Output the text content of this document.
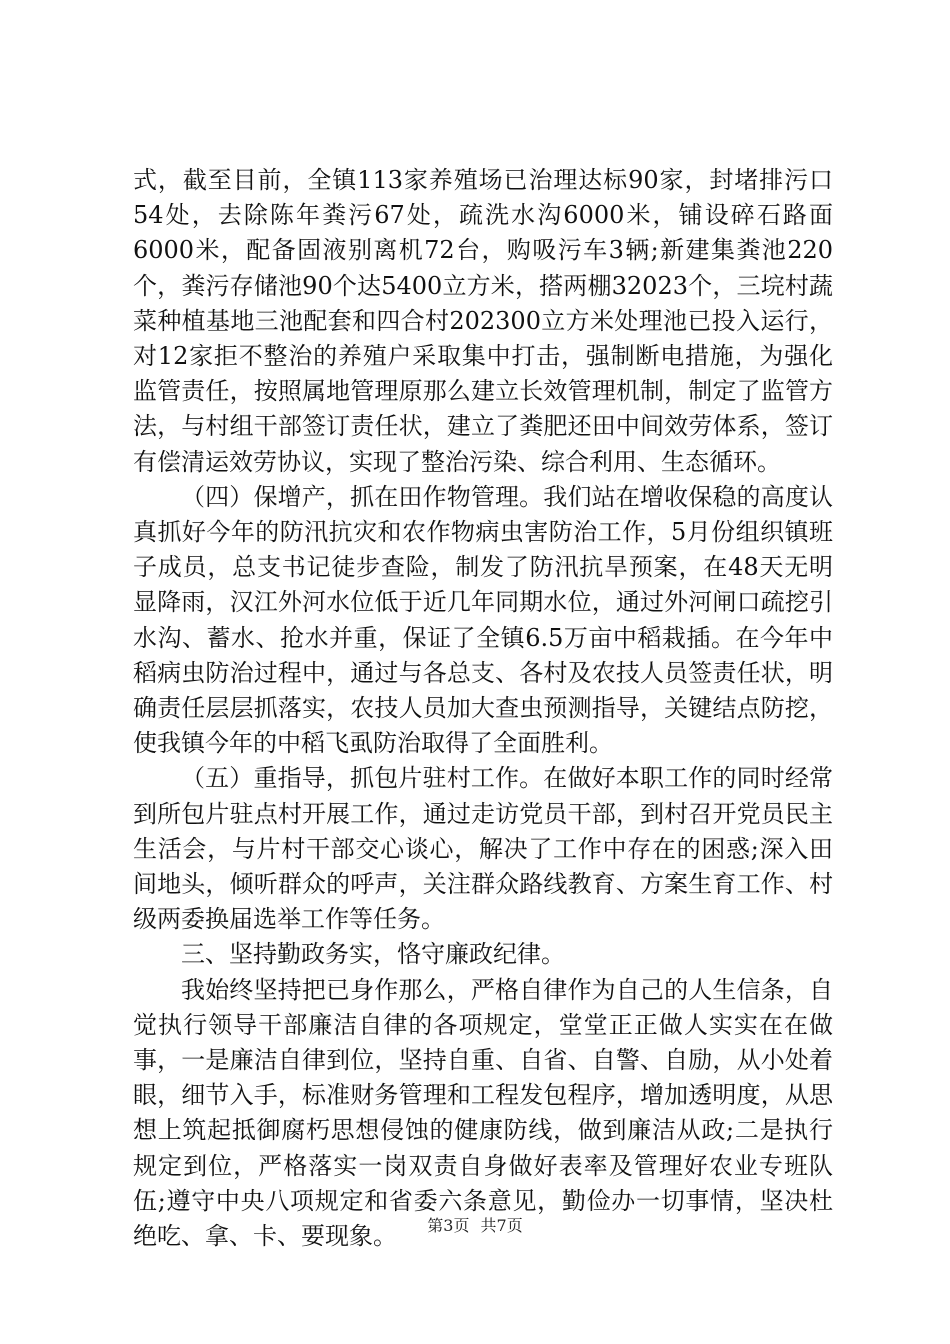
式，截至目前，全镇113家养殖场已治理达标90家，封堵排污口54处，去除陈年粪污67处，疏洗水沟6000米，铺设碎石路面6000米，配备固液别离机72台，购吸污车3辆;新建集粪池220个，粪污存储池90个达5400立方米，搭两棚32023个，三垸村蔬菜种植基地三池配套和四合村202300立方米处理池已投入运行，对12家拒不整治的养殖户采取集中打击，强制断电措施，为强化监管责任，按照属地管理原那么建立长效管理机制，制定了监管方法，与村组干部签订责任状，建立了粪肥还田中间效劳体系，签订有偿清运效劳协议，实现了整治污染、综合利用、生态循环。

（四）保增产，抓在田作物管理。我们站在增收保稳的高度认真抓好今年的防汛抗灾和农作物病虫害防治工作，5月份组织镇班子成员，总支书记徒步查险，制发了防汛抗旱预案，在48天无明显降雨，汉江外河水位低于近几年同期水位，通过外河闸口疏挖引水沟、蓄水、抢水并重，保证了全镇6.5万亩中稻栽插。在今年中稻病虫防治过程中，通过与各总支、各村及农技人员签责任状，明确责任层层抓落实，农技人员加大查虫预测指导，关键结点防挖，使我镇今年的中稻飞虱防治取得了全面胜利。

（五）重指导，抓包片驻村工作。在做好本职工作的同时经常到所包片驻点村开展工作，通过走访党员干部，到村召开党员民主生活会，与片村干部交心谈心，解决了工作中存在的困惑;深入田间地头，倾听群众的呼声，关注群众路线教育、方案生育工作、村级两委换届选举工作等任务。

三、坚持勤政务实，恪守廉政纪律。

我始终坚持把已身作那么，严格自律作为自己的人生信条，自觉执行领导干部廉洁自律的各项规定，堂堂正正做人实实在在做事，一是廉洁自律到位，坚持自重、自省、自警、自励，从小处着眼，细节入手，标准财务管理和工程发包程序，增加透明度，从思想上筑起抵御腐朽思想侵蚀的健康防线，做到廉洁从政;二是执行规定到位，严格落实一岗双责自身做好表率及管理好农业专班队伍;遵守中央八项规定和省委六条意见，勤俭办一切事情，坚决杜绝吃、拿、卡、要现象。	第3页 共7页
